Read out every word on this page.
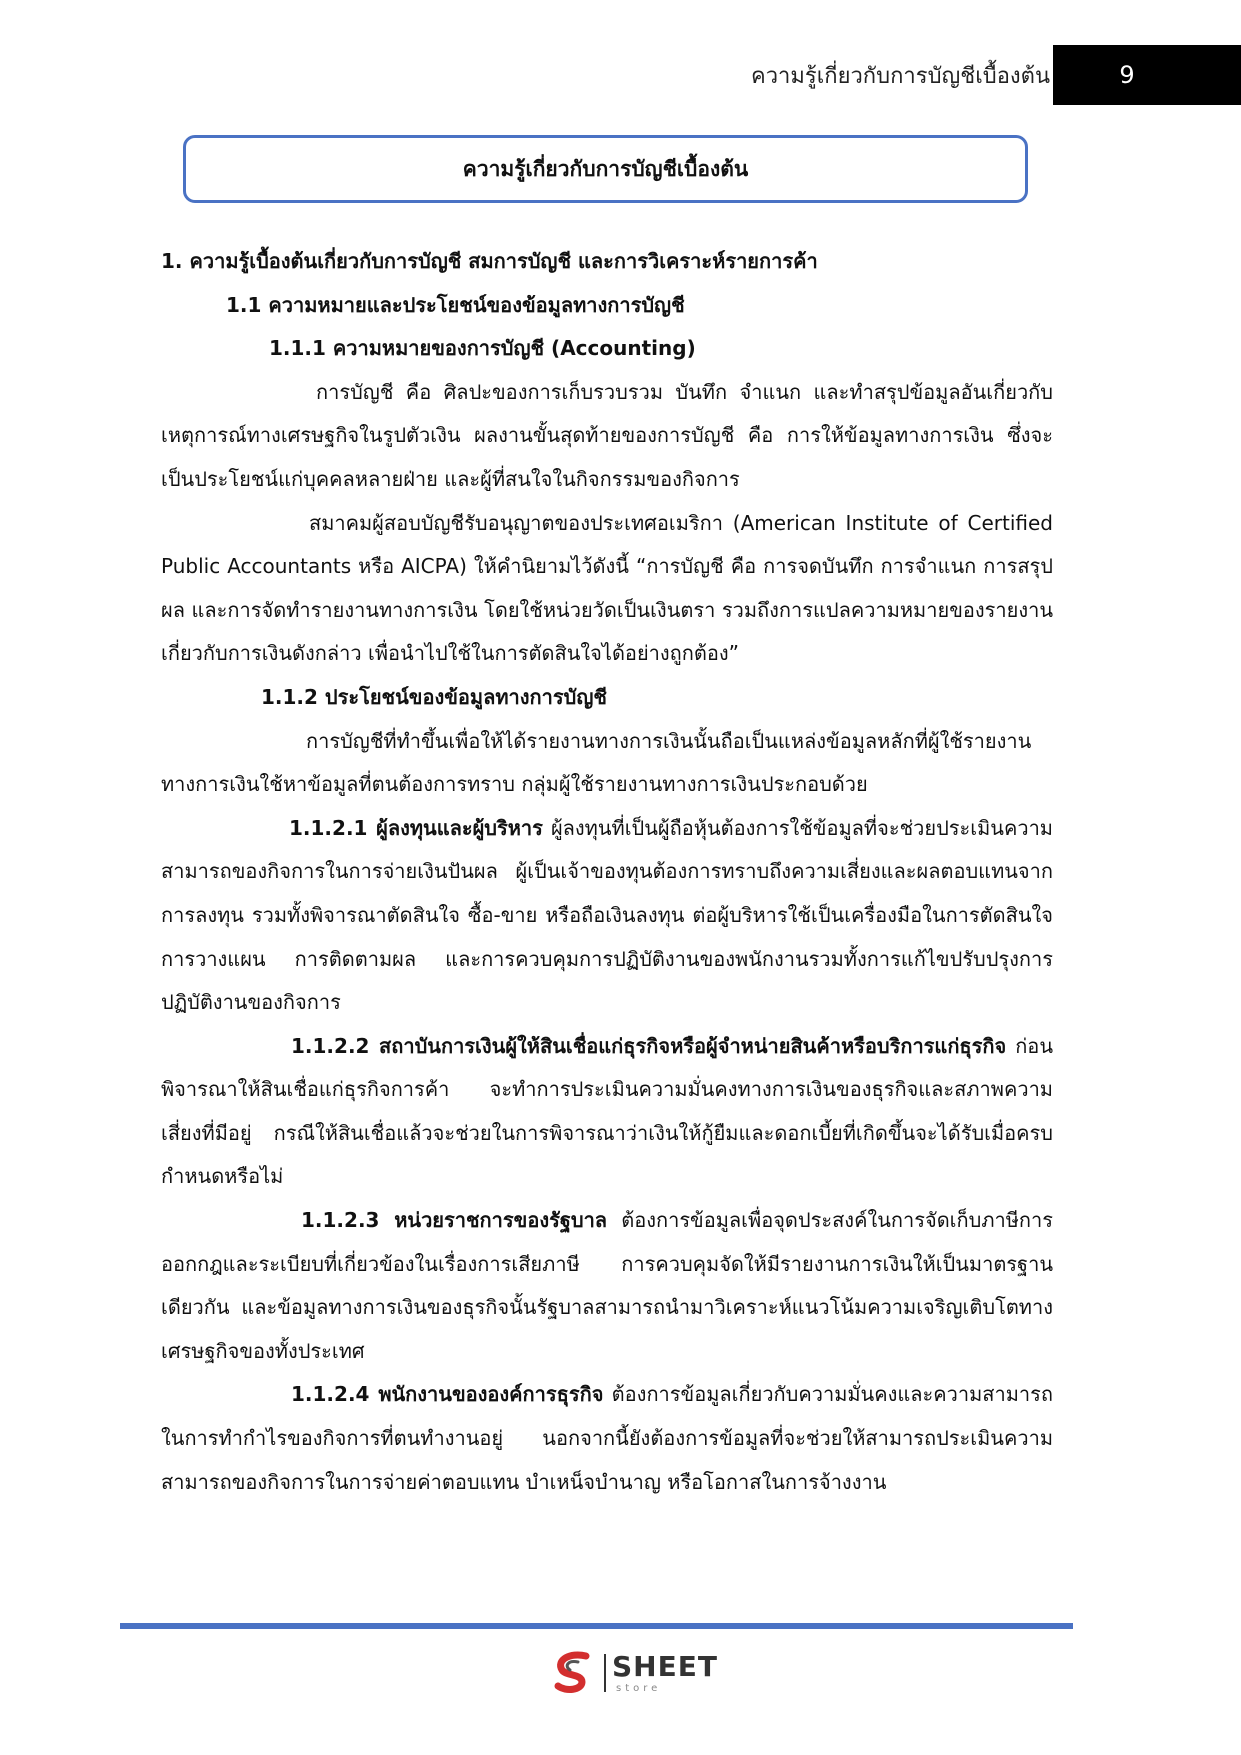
ความรู้เกี่ยวกับการบัญชีเบื้องต้น	9
ความรู้เกี่ยวกับการบัญชีเบื้องต้น

1. ความรู้เบื้องต้นเกี่ยวกับการบัญชี สมการบัญชี และการวิเคราะห์รายการค้า

1.1 ความหมายและประโยชน์ของข้อมูลทางการบัญชี

1.1.1 ความหมายของการบัญชี (Accounting)

การบัญชี คือ ศิลปะของการเก็บรวบรวม บันทึก จำแนก และทำสรุปข้อมูลอันเกี่ยวกับเหตุการณ์ทางเศรษฐกิจในรูปตัวเงิน ผลงานขั้นสุดท้ายของการบัญชี คือ การให้ข้อมูลทางการเงิน ซึ่งจะเป็นประโยชน์แก่บุคคลหลายฝ่าย และผู้ที่สนใจในกิจกรรมของกิจการ

สมาคมผู้สอบบัญชีรับอนุญาตของประเทศอเมริกา (American Institute of Certified Public Accountants หรือ AICPA) ให้คำนิยามไว้ดังนี้ “การบัญชี คือ การจดบันทึก การจำแนก การสรุปผล และการจัดทำรายงานทางการเงิน โดยใช้หน่วยวัดเป็นเงินตรา รวมถึงการแปลความหมายของรายงานเกี่ยวกับการเงินดังกล่าว เพื่อนำไปใช้ในการตัดสินใจได้อย่างถูกต้อง”

1.1.2 ประโยชน์ของข้อมูลทางการบัญชี

การบัญชีที่ทำขึ้นเพื่อให้ได้รายงานทางการเงินนั้นถือเป็นแหล่งข้อมูลหลักที่ผู้ใช้รายงานทางการเงินใช้หาข้อมูลที่ตนต้องการทราบ กลุ่มผู้ใช้รายงานทางการเงินประกอบด้วย

1.1.2.1 ผู้ลงทุนและผู้บริหาร ผู้ลงทุนที่เป็นผู้ถือหุ้นต้องการใช้ข้อมูลที่จะช่วยประเมินความสามารถของกิจการในการจ่ายเงินปันผล ผู้เป็นเจ้าของทุนต้องการทราบถึงความเสี่ยงและผลตอบแทนจากการลงทุน รวมทั้งพิจารณาตัดสินใจ ซื้อ-ขาย หรือถือเงินลงทุน ต่อผู้บริหารใช้เป็นเครื่องมือในการตัดสินใจ การวางแผน การติดตามผล และการควบคุมการปฏิบัติงานของพนักงานรวมทั้งการแก้ไขปรับปรุงการปฏิบัติงานของกิจการ

1.1.2.2 สถาบันการเงินผู้ให้สินเชื่อแก่ธุรกิจหรือผู้จำหน่ายสินค้าหรือบริการแก่ธุรกิจ ก่อนพิจารณาให้สินเชื่อแก่ธุรกิจการค้า จะทำการประเมินความมั่นคงทางการเงินของธุรกิจและสภาพความเสี่ยงที่มีอยู่ กรณีให้สินเชื่อแล้วจะช่วยในการพิจารณาว่าเงินให้กู้ยืมและดอกเบี้ยที่เกิดขึ้นจะได้รับเมื่อครบกำหนดหรือไม่

1.1.2.3 หน่วยราชการของรัฐบาล ต้องการข้อมูลเพื่อจุดประสงค์ในการจัดเก็บภาษีการออกกฎและระเบียบที่เกี่ยวข้องในเรื่องการเสียภาษี การควบคุมจัดให้มีรายงานการเงินให้เป็นมาตรฐานเดียวกัน และข้อมูลทางการเงินของธุรกิจนั้นรัฐบาลสามารถนำมาวิเคราะห์แนวโน้มความเจริญเติบโตทางเศรษฐกิจของทั้งประเทศ

1.1.2.4 พนักงานขององค์การธุรกิจ ต้องการข้อมูลเกี่ยวกับความมั่นคงและความสามารถในการทำกำไรของกิจการที่ตนทำงานอยู่ นอกจากนี้ยังต้องการข้อมูลที่จะช่วยให้สามารถประเมินความสามารถของกิจการในการจ่ายค่าตอบแทน บำเหน็จบำนาญ หรือโอกาสในการจ้างงาน

SHEET
store
